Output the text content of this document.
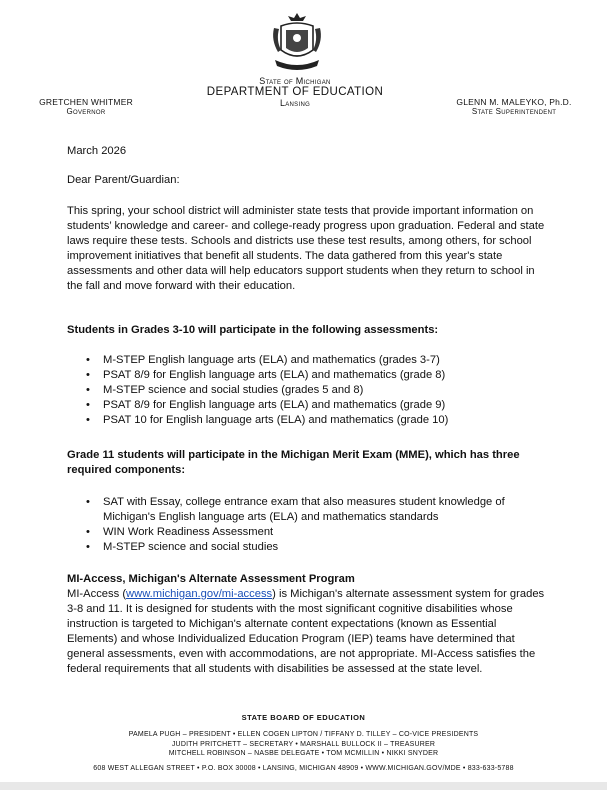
State of Michigan
DEPARTMENT OF EDUCATION
Lansing
GRETCHEN WHITMER
Governor
GLENN M. MALEYKO, Ph.D.
State Superintendent
March 2026
Dear Parent/Guardian:
This spring, your school district will administer state tests that provide important information on students’ knowledge and career- and college-ready progress upon graduation. Federal and state laws require these tests. Schools and districts use these test results, among others, for school improvement initiatives that benefit all students. The data gathered from this year's state assessments and other data will help educators support students when they return to school in the fall and move forward with their education.
Students in Grades 3-10 will participate in the following assessments:
• M-STEP English language arts (ELA) and mathematics (grades 3-7)
• PSAT 8/9 for English language arts (ELA) and mathematics (grade 8)
• M-STEP science and social studies (grades 5 and 8)
• PSAT 8/9 for English language arts (ELA) and mathematics (grade 9)
• PSAT 10 for English language arts (ELA) and mathematics (grade 10)
Grade 11 students will participate in the Michigan Merit Exam (MME), which has three required components:
• SAT with Essay, college entrance exam that also measures student knowledge of Michigan's English language arts (ELA) and mathematics standards
• WIN Work Readiness Assessment
• M-STEP science and social studies
MI-Access, Michigan's Alternate Assessment Program
MI-Access (www.michigan.gov/mi-access) is Michigan's alternate assessment system for grades 3-8 and 11. It is designed for students with the most significant cognitive disabilities whose instruction is targeted to Michigan's alternate content expectations (known as Essential Elements) and whose Individualized Education Program (IEP) teams have determined that general assessments, even with accommodations, are not appropriate. MI-Access satisfies the federal requirements that all students with disabilities be assessed at the state level.
STATE BOARD OF EDUCATION
PAMELA PUGH – PRESIDENT • ELLEN COGEN LIPTON / TIFFANY D. TILLEY – CO-VICE PRESIDENTS
JUDITH PRITCHETT – SECRETARY • MARSHALL BULLOCK II – TREASURER
MITCHELL ROBINSON – NASBE DELEGATE • TOM MCMILLIN • NIKKI SNYDER
608 WEST ALLEGAN STREET • P.O. BOX 30008 • LANSING, MICHIGAN 48909 • WWW.MICHIGAN.GOV/MDE • 833-633-5788
